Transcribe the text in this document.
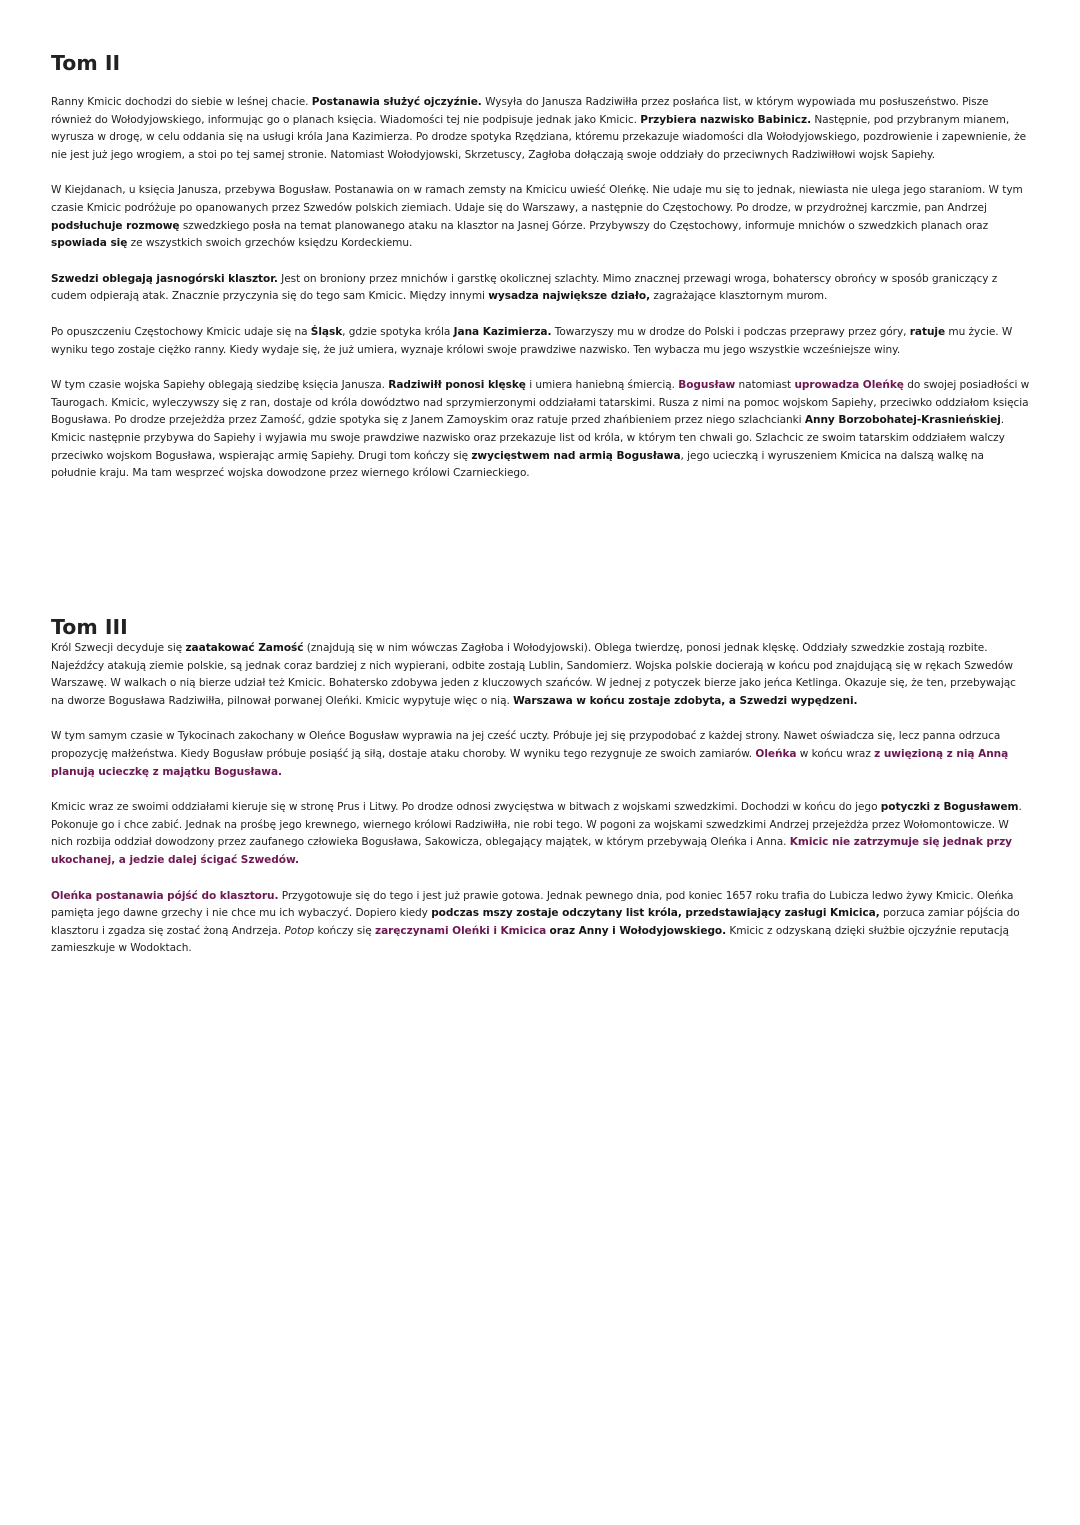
Tom II

Ranny Kmicic dochodzi do siebie w leśnej chacie. Postanawia służyć ojczyźnie. Wysyła do Janusza Radziwiłła przez posłańca list, w którym wypowiada mu posłuszeństwo. Pisze również do Wołodyjowskiego, informując go o planach księcia. Wiadomości tej nie podpisuje jednak jako Kmicic. Przybiera nazwisko Babinicz. Następnie, pod przybranym mianem, wyrusza w drogę, w celu oddania się na usługi króla Jana Kazimierza. Po drodze spotyka Rzędziana, któremu przekazuje wiadomości dla Wołodyjowskiego, pozdrowienie i zapewnienie, że nie jest już jego wrogiem, a stoi po tej samej stronie. Natomiast Wołodyjowski, Skrzetuscy, Zagłoba dołączają swoje oddziały do przeciwnych Radziwiłłowi wojsk Sapiehy.

W Kiejdanach, u księcia Janusza, przebywa Bogusław. Postanawia on w ramach zemsty na Kmicicu uwieść Oleńkę. Nie udaje mu się to jednak, niewiasta nie ulega jego staraniom. W tym czasie Kmicic podróżuje po opanowanych przez Szwedów polskich ziemiach. Udaje się do Warszawy, a następnie do Częstochowy. Po drodze, w przydrożnej karczmie, pan Andrzej podsłuchuje rozmowę szwedzkiego posła na temat planowanego ataku na klasztor na Jasnej Górze. Przybywszy do Częstochowy, informuje mnichów o szwedzkich planach oraz spowiada się ze wszystkich swoich grzechów księdzu Kordeckiemu.

Szwedzi oblegają jasnogórski klasztor. Jest on broniony przez mnichów i garstkę okolicznej szlachty. Mimo znacznej przewagi wroga, bohaterscy obrońcy w sposób graniczący z cudem odpierają atak. Znacznie przyczynia się do tego sam Kmicic. Między innymi wysadza największe działo, zagrażające klasztornym murom.

Po opuszczeniu Częstochowy Kmicic udaje się na Śląsk, gdzie spotyka króla Jana Kazimierza. Towarzyszy mu w drodze do Polski i podczas przeprawy przez góry, ratuje mu życie. W wyniku tego zostaje ciężko ranny. Kiedy wydaje się, że już umiera, wyznaje królowi swoje prawdziwe nazwisko. Ten wybacza mu jego wszystkie wcześniejsze winy.

W tym czasie wojska Sapiehy oblegają siedzibę księcia Janusza. Radziwiłł ponosi klęskę i umiera haniebną śmiercią. Bogusław natomiast uprowadza Oleńkę do swojej posiadłości w Taurogach. Kmicic, wyleczywszy się z ran, dostaje od króla dowództwo nad sprzymierzonymi oddziałami tatarskimi. Rusza z nimi na pomoc wojskom Sapiehy, przeciwko oddziałom księcia Bogusława. Po drodze przejeżdża przez Zamość, gdzie spotyka się z Janem Zamoyskim oraz ratuje przed zhańbieniem przez niego szlachcianki Anny Borzobohatej-Krasnieńskiej. Kmicic następnie przybywa do Sapiehy i wyjawia mu swoje prawdziwe nazwisko oraz przekazuje list od króla, w którym ten chwali go. Szlachcic ze swoim tatarskim oddziałem walczy przeciwko wojskom Bogusława, wspierając armię Sapiehy. Drugi tom kończy się zwycięstwem nad armią Bogusława, jego ucieczką i wyruszeniem Kmicica na dalszą walkę na południe kraju. Ma tam wesprzeć wojska dowodzone przez wiernego królowi Czarnieckiego.

Tom III

Król Szwecji decyduje się zaatakować Zamość (znajdują się w nim wówczas Zagłoba i Wołodyjowski). Oblega twierdzę, ponosi jednak klęskę. Oddziały szwedzkie zostają rozbite. Najeźdźcy atakują ziemie polskie, są jednak coraz bardziej z nich wypierani, odbite zostają Lublin, Sandomierz. Wojska polskie docierają w końcu pod znajdującą się w rękach Szwedów Warszawę. W walkach o nią bierze udział też Kmicic. Bohatersko zdobywa jeden z kluczowych szańców. W jednej z potyczek bierze jako jeńca Ketlinga. Okazuje się, że ten, przebywając na dworze Bogusława Radziwiłła, pilnował porwanej Oleńki. Kmicic wypytuje więc o nią. Warszawa w końcu zostaje zdobyta, a Szwedzi wypędzeni.

W tym samym czasie w Tykocinach zakochany w Oleńce Bogusław wyprawia na jej cześć uczty. Próbuje jej się przypodobać z każdej strony. Nawet oświadcza się, lecz panna odrzuca propozycję małżeństwa. Kiedy Bogusław próbuje posiąść ją siłą, dostaje ataku choroby. W wyniku tego rezygnuje ze swoich zamiarów. Oleńka w końcu wraz z uwięzioną z nią Anną planują ucieczkę z majątku Bogusława.

Kmicic wraz ze swoimi oddziałami kieruje się w stronę Prus i Litwy. Po drodze odnosi zwycięstwa w bitwach z wojskami szwedzkimi. Dochodzi w końcu do jego potyczki z Bogusławem. Pokonuje go i chce zabić. Jednak na prośbę jego krewnego, wiernego królowi Radziwiłła, nie robi tego. W pogoni za wojskami szwedzkimi Andrzej przejeżdża przez Wołomontowicze. W nich rozbija oddział dowodzony przez zaufanego człowieka Bogusława, Sakowicza, oblegający majątek, w którym przebywają Oleńka i Anna. Kmicic nie zatrzymuje się jednak przy ukochanej, a jedzie dalej ścigać Szwedów.

Oleńka postanawia pójść do klasztoru. Przygotowuje się do tego i jest już prawie gotowa. Jednak pewnego dnia, pod koniec 1657 roku trafia do Lubicza ledwo żywy Kmicic. Oleńka pamięta jego dawne grzechy i nie chce mu ich wybaczyć. Dopiero kiedy podczas mszy zostaje odczytany list króla, przedstawiający zasługi Kmicica, porzuca zamiar pójścia do klasztoru i zgadza się zostać żoną Andrzeja. Potop kończy się zaręczynami Oleńki i Kmicica oraz Anny i Wołodyjowskiego. Kmicic z odzyskaną dzięki służbie ojczyźnie reputacją zamieszkuje w Wodoktach.
